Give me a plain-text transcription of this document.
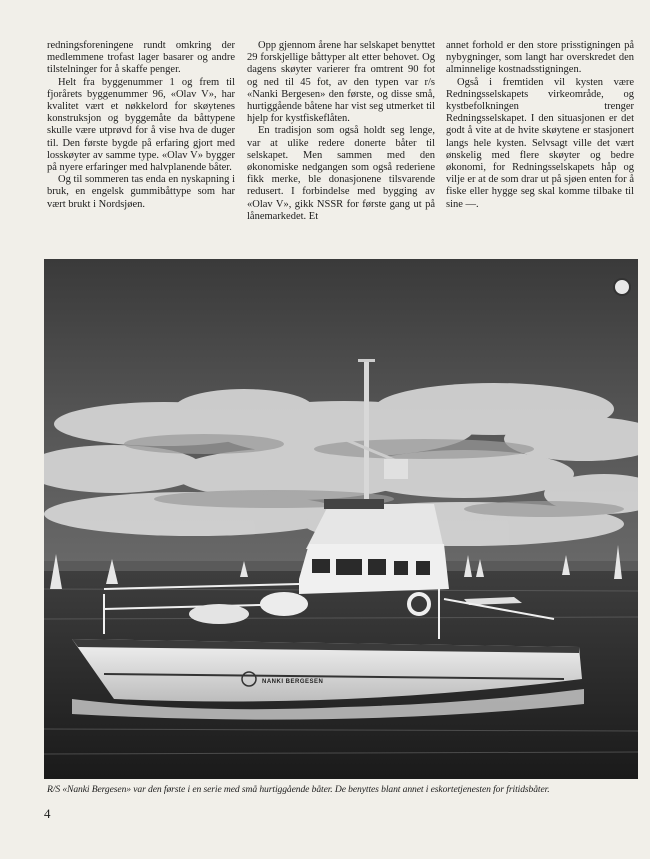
redningsforeningene rundt omkring der medlemmene trofast lager basarer og andre tilstelninger for å skaffe penger.

Helt fra byggenummer 1 og frem til fjorårets byggenummer 96, «Olav V», har kvalitet vært et nøkkelord for skøytenes konstruksjon og byggemåte da båttypene skulle være utprøvd for å vise hva de duger til. Den første bygde på erfaring gjort med losskøyter av samme type. «Olav V» bygger på nyere erfaringer med halvplanende båter.

Og til sommeren tas enda en nyskapning i bruk, en engelsk gummibåttype som har vært brukt i Nordsjøen.

Opp gjennom årene har selskapet benyttet 29 forskjellige båttyper alt etter behovet. Og dagens skøyter varierer fra omtrent 90 fot og ned til 45 fot, av den typen var r/s «Nanki Bergesen» den første, og disse små, hurtiggående båtene har vist seg utmerket til hjelp for kystfiskeflåten.

En tradisjon som også holdt seg lenge, var at ulike redere donerte båter til selskapet. Men sammen med den økonomiske nedgangen som også rederiene fikk merke, ble donasjonene tilsvarende redusert. I forbindelse med bygging av «Olav V», gikk NSSR for første gang ut på lånemarkedet. Et

annet forhold er den store prisstigningen på nybygninger, som langt har overskredet den alminnelige kostnadsstigningen.

Også i fremtiden vil kysten være Redningsselskapets virkeområde, og kystbefolkningen trenger Redningsselskapet. I den situasjonen er det godt å vite at de hvite skøytene er stasjonert langs hele kysten. Selvsagt ville det vært ønskelig med flere skøyter og bedre økonomi, for Redningsselskapets håp og vilje er at de som drar ut på sjøen enten for å fiske eller hygge seg skal komme tilbake til sine —.

NANKI BERGESEN
R/S «Nanki Bergesen» var den første i en serie med små hurtiggående båter. De benyttes blant annet i eskortetjenesten for fritidsbåter.
4
